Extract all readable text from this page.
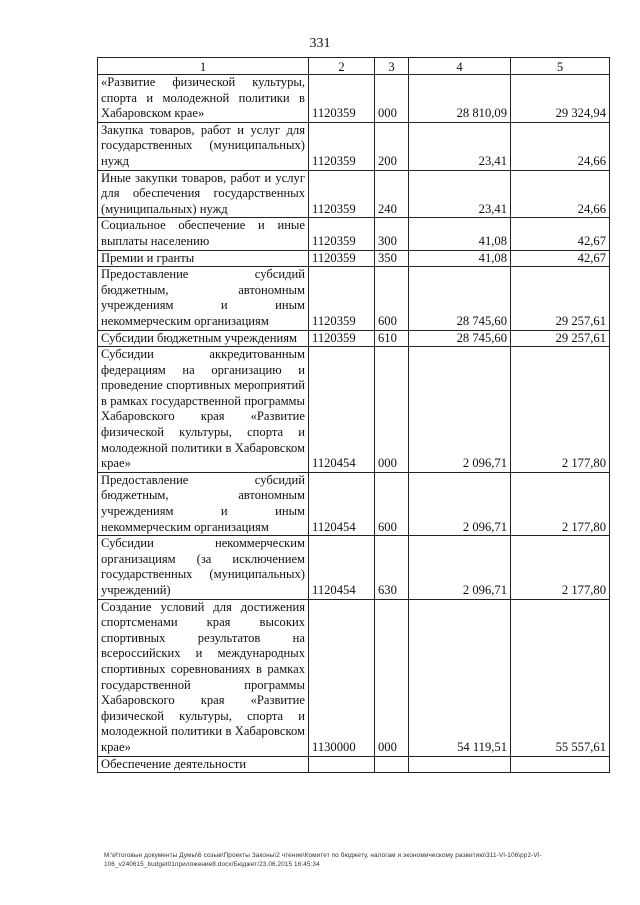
331
1	2	3	4	5
«Развитие физической культуры, спорта и молодежной политики в Хабаровском крае»	1120359	000	28 810,09	29 324,94
Закупка товаров, работ и услуг для государственных (муниципальных) нужд	1120359	200	23,41	24,66
Иные закупки товаров, работ и услуг для обеспечения государственных (муниципальных) нужд	1120359	240	23,41	24,66
Социальное обеспечение и иные выплаты населению	1120359	300	41,08	42,67
Премии и гранты	1120359	350	41,08	42,67
Предоставление субсидий бюджетным, автономным учреждениям и иным некоммерческим организациям	1120359	600	28 745,60	29 257,61
Субсидии бюджетным учреждениям	1120359	610	28 745,60	29 257,61
Субсидии аккредитованным федерациям на организацию и проведение спортивных мероприятий в рамках государственной программы Хабаровского края «Развитие физической культуры, спорта и молодежной политики в Хабаровском крае»	1120454	000	2 096,71	2 177,80
Предоставление субсидий бюджетным, автономным учреждениям и иным некоммерческим организациям	1120454	600	2 096,71	2 177,80
Субсидии некоммерческим организациям (за исключением государственных (муниципальных) учреждений)	1120454	630	2 096,71	2 177,80
Создание условий для достижения спортсменами края высоких спортивных результатов на всероссийских и международных спортивных соревнованиях в рамках государственной программы Хабаровского края «Развитие физической культуры, спорта и молодежной политики в Хабаровском крае»	1130000	000	54 119,51	55 557,61
Обеспечение деятельности				
M:\Итоговые документы Думы\6 созыв\Проекты Законы\2 чтение\Комитет по бюджету, налогам и экономическому развитию\311-VI-106\pp2-VI-106_v240615_budget01приложение8.docx/Бюджет/23.06.2015 16:45:34
